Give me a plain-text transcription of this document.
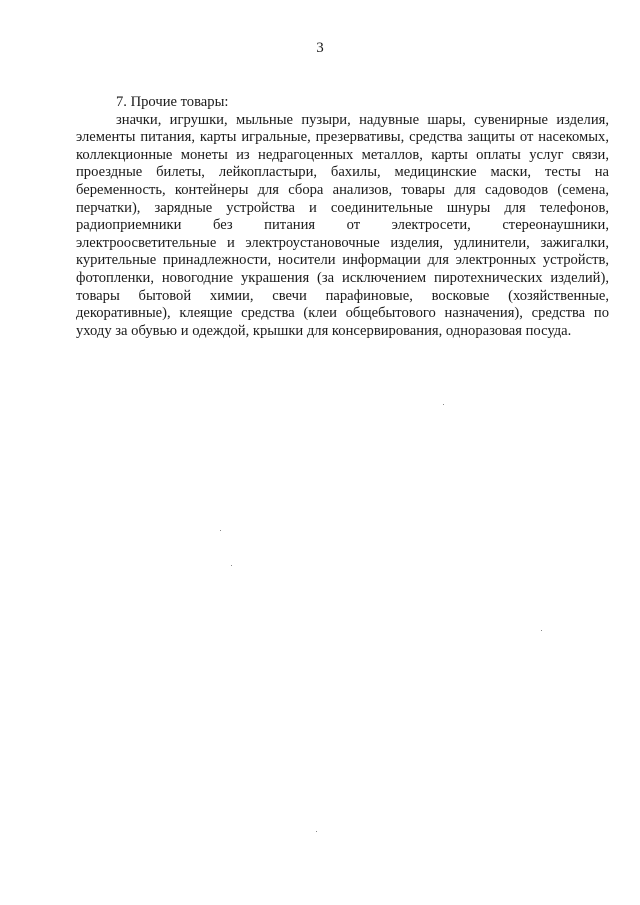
3

7. Прочие товары:

значки, игрушки, мыльные пузыри, надувные шары, сувенирные изделия, элементы питания, карты игральные, презервативы, средства защиты от насекомых, коллекционные монеты из недрагоценных металлов, карты оплаты услуг связи, проездные билеты, лейкопластыри, бахилы, медицинские маски, тесты на беременность, контейнеры для сбора анализов, товары для садоводов (семена, перчатки), зарядные устройства и соединительные шнуры для телефонов, радиоприемники без питания от электросети, стереонаушники, электроосветительные и электроустановочные изделия, удлинители, зажигалки, курительные принадлежности, носители информации для электронных устройств, фотопленки, новогодние украшения (за исключением пиротехнических изделий), товары бытовой химии, свечи парафиновые, восковые (хозяйственные, декоративные), клеящие средства (клеи общебытового назначения), средства по уходу за обувью и одеждой, крышки для консервирования, одноразовая посуда.
